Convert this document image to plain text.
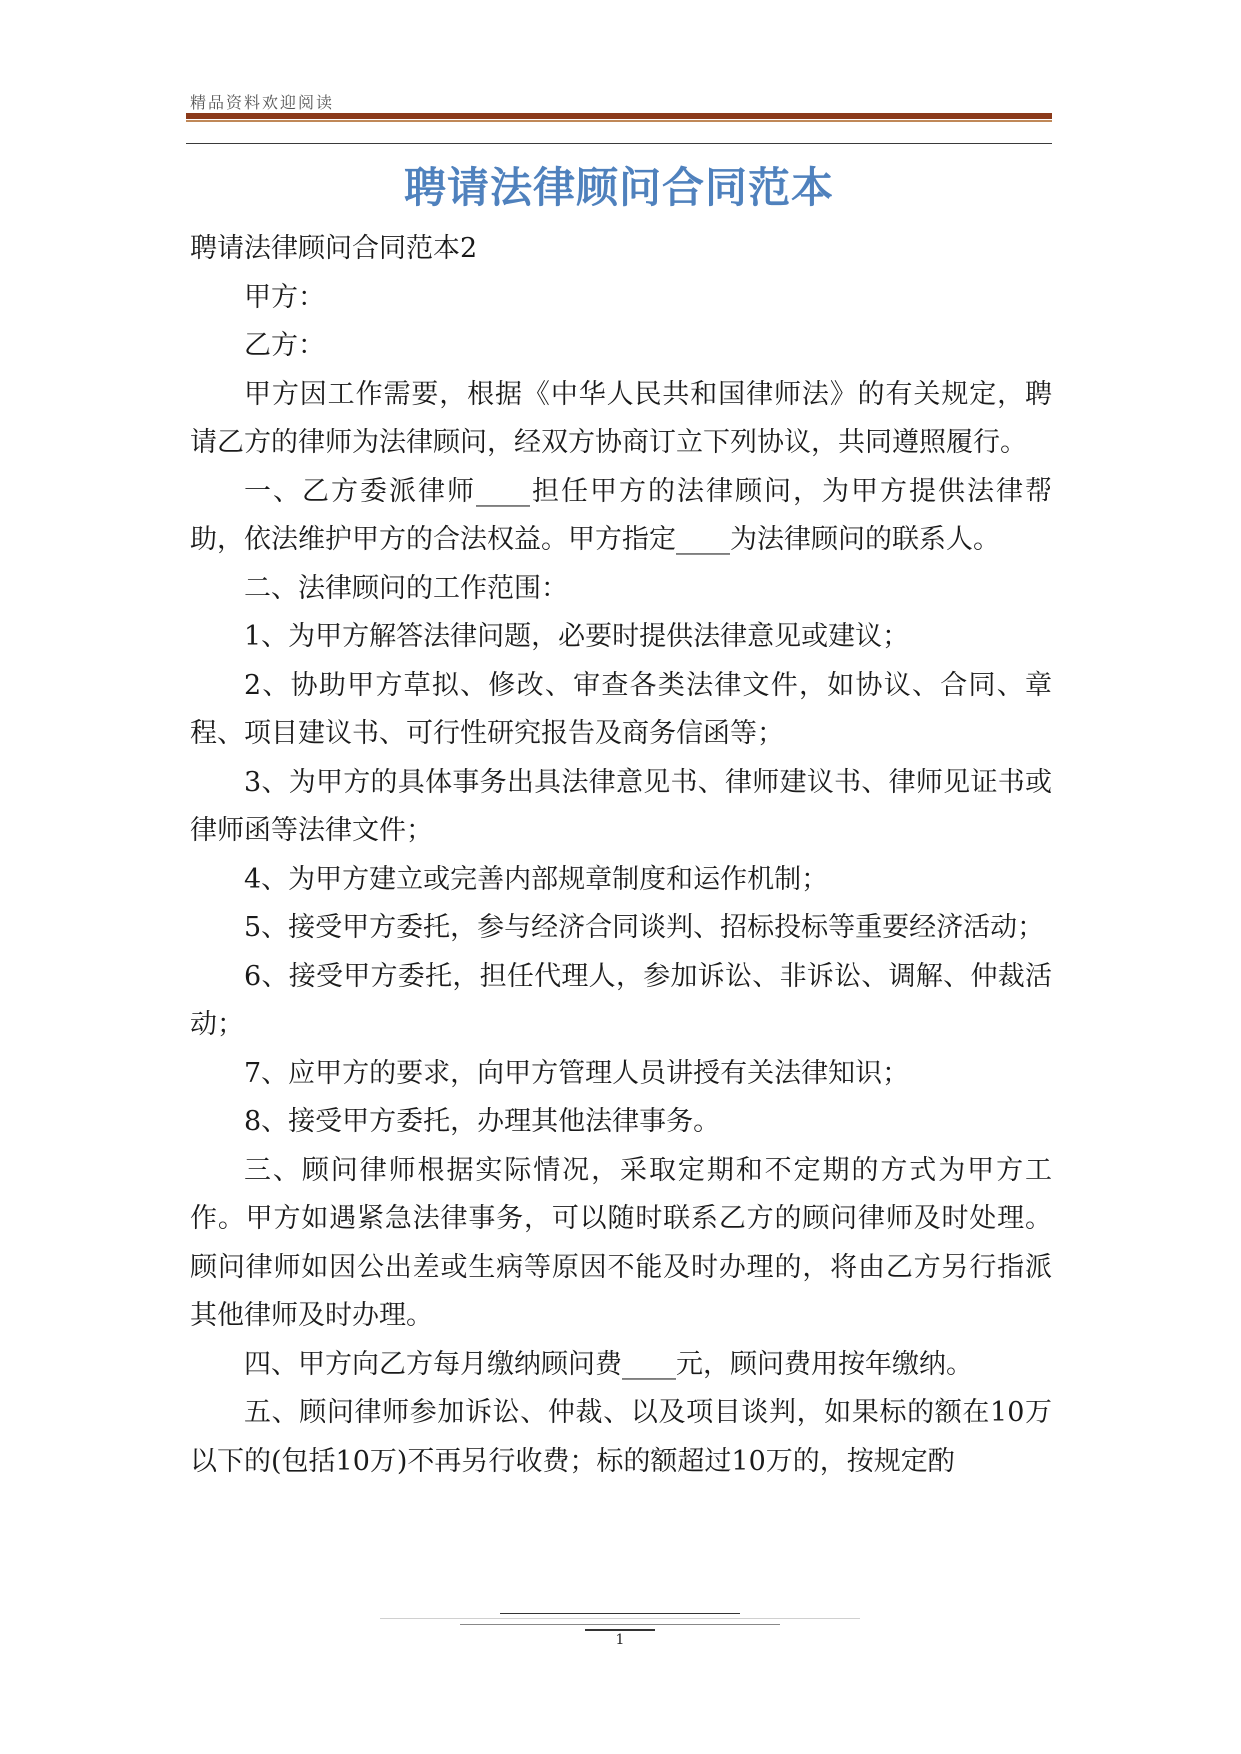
精品资料欢迎阅读
聘请法律顾问合同范本

聘请法律顾问合同范本2

甲方：

乙方：

甲方因工作需要，根据《中华人民共和国律师法》的有关规定，聘请乙方的律师为法律顾问，经双方协商订立下列协议，共同遵照履行。

一、乙方委派律师____担任甲方的法律顾问，为甲方提供法律帮助，依法维护甲方的合法权益。甲方指定____为法律顾问的联系人。

二、法律顾问的工作范围：

1、为甲方解答法律问题，必要时提供法律意见或建议；

2、协助甲方草拟、修改、审查各类法律文件，如协议、合同、章程、项目建议书、可行性研究报告及商务信函等；

3、为甲方的具体事务出具法律意见书、律师建议书、律师见证书或律师函等法律文件；

4、为甲方建立或完善内部规章制度和运作机制；

5、接受甲方委托，参与经济合同谈判、招标投标等重要经济活动；

6、接受甲方委托，担任代理人，参加诉讼、非诉讼、调解、仲裁活动；

7、应甲方的要求，向甲方管理人员讲授有关法律知识；

8、接受甲方委托，办理其他法律事务。

三、顾问律师根据实际情况，采取定期和不定期的方式为甲方工作。甲方如遇紧急法律事务，可以随时联系乙方的顾问律师及时处理。顾问律师如因公出差或生病等原因不能及时办理的，将由乙方另行指派其他律师及时办理。

四、甲方向乙方每月缴纳顾问费____元，顾问费用按年缴纳。

五、顾问律师参加诉讼、仲裁、以及项目谈判，如果标的额在10万以下的(包括10万)不再另行收费；标的额超过10万的，按规定酌

1
